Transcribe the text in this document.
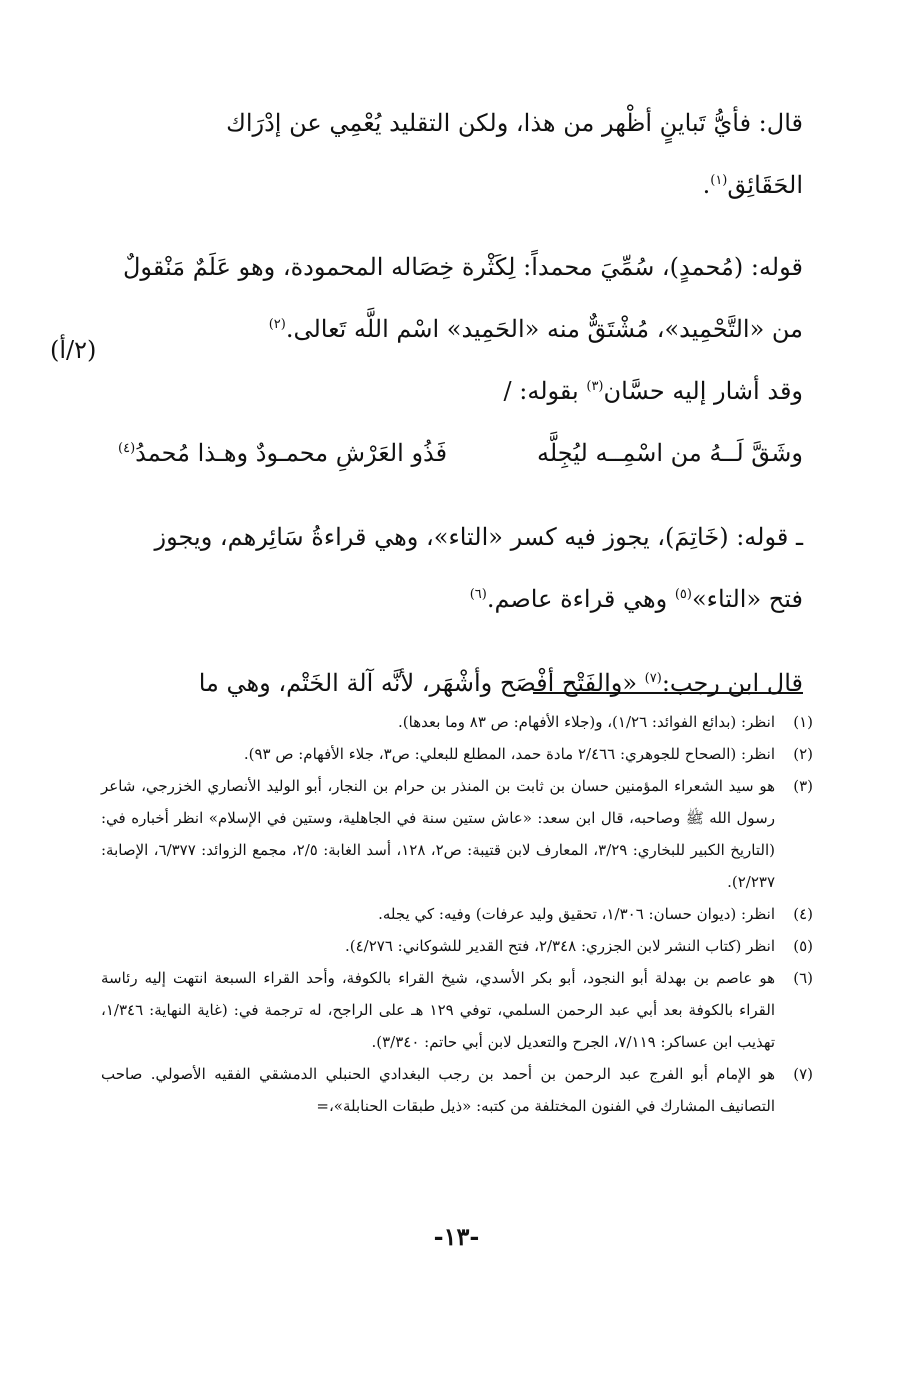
قال: فأيُّ تَباينٍ أظْهر من هذا، ولكن التقليد يُعْمِي عن إدْرَاك
الحَقَائِق$^{(١)}$.

قوله: (مُحمدٍ)، سُمِّيَ محمداً: لِكَثْرة خِصَاله المحمودة، وهو عَلَمٌ مَنْقولٌ
من «التَّحْمِيد»، مُشْتَقٌّ منه «الحَمِيد» اسْم اللَّه تَعالى.$^{(٢)}$

وقد أشار إليه حسَّان$^{(٣)}$ بقوله: /

وشَقَّ لَــهُ من اسْمِــه ليُجِلَّه
فَذُو العَرْشِ محمـودٌ وهـذا مُحمدُ$^{(٤)}$

ـ قوله: (خَاتِمَ)، يجوز فيه كسر «التاء»، وهي قراءةُ سَائِرهم، ويجوز
فتح «التاء»$^{(٥)}$ وهي قراءة عاصم.$^{(٦)}$

قال ابن رجب:$^{(٧)}$ «والفَتْح أفْصَح وأشْهَر، لأنَّه آلة الخَتْم، وهي ما

(٢/أ)
(١)
انظر: (بدائع الفوائد: ١/٢٦)، و(جلاء الأفهام: ص ٨٣ وما بعدها).
(٢)
انظر: (الصحاح للجوهري: ٢/٤٦٦ مادة حمد، المطلع للبعلي: ص٣، جلاء الأفهام: ص ٩٣).
(٣)
هو سيد الشعراء المؤمنين حسان بن ثابت بن المنذر بن حرام بن النجار، أبو الوليد الأنصاري الخزرجي، شاعر رسول الله ﷺ وصاحبه، قال ابن سعد: «عاش ستين سنة في الجاهلية، وستين في الإسلام» انظر أخباره في: (التاريخ الكبير للبخاري: ٣/٢٩، المعارف لابن قتيبة: ص٢، ١٢٨، أسد الغابة: ٢/٥، مجمع الزوائد: ٦/٣٧٧، الإصابة: ٢/٢٣٧).
(٤)
انظر: (ديوان حسان: ١/٣٠٦، تحقيق وليد عرفات) وفيه: كي يجله.
(٥)
انظر (كتاب النشر لابن الجزري: ٢/٣٤٨، فتح القدير للشوكاني: ٤/٢٧٦).
(٦)
هو عاصم بن بهدلة أبو النجود، أبو بكر الأسدي، شيخ القراء بالكوفة، وأحد القراء السبعة انتهت إليه رئاسة القراء بالكوفة بعد أبي عبد الرحمن السلمي، توفي ١٢٩ هـ على الراجح، له ترجمة في: (غاية النهاية: ١/٣٤٦، تهذيب ابن عساكر: ٧/١١٩، الجرح والتعديل لابن أبي حاتم: ٣/٣٤٠).
(٧)
هو الإمام أبو الفرج عبد الرحمن بن أحمد بن رجب البغدادي الحنبلي الدمشقي الفقيه الأصولي. صاحب التصانيف المشارك في الفنون المختلفة من كتبه: «ذيل طبقات الحنابلة»،=
-١٣-
